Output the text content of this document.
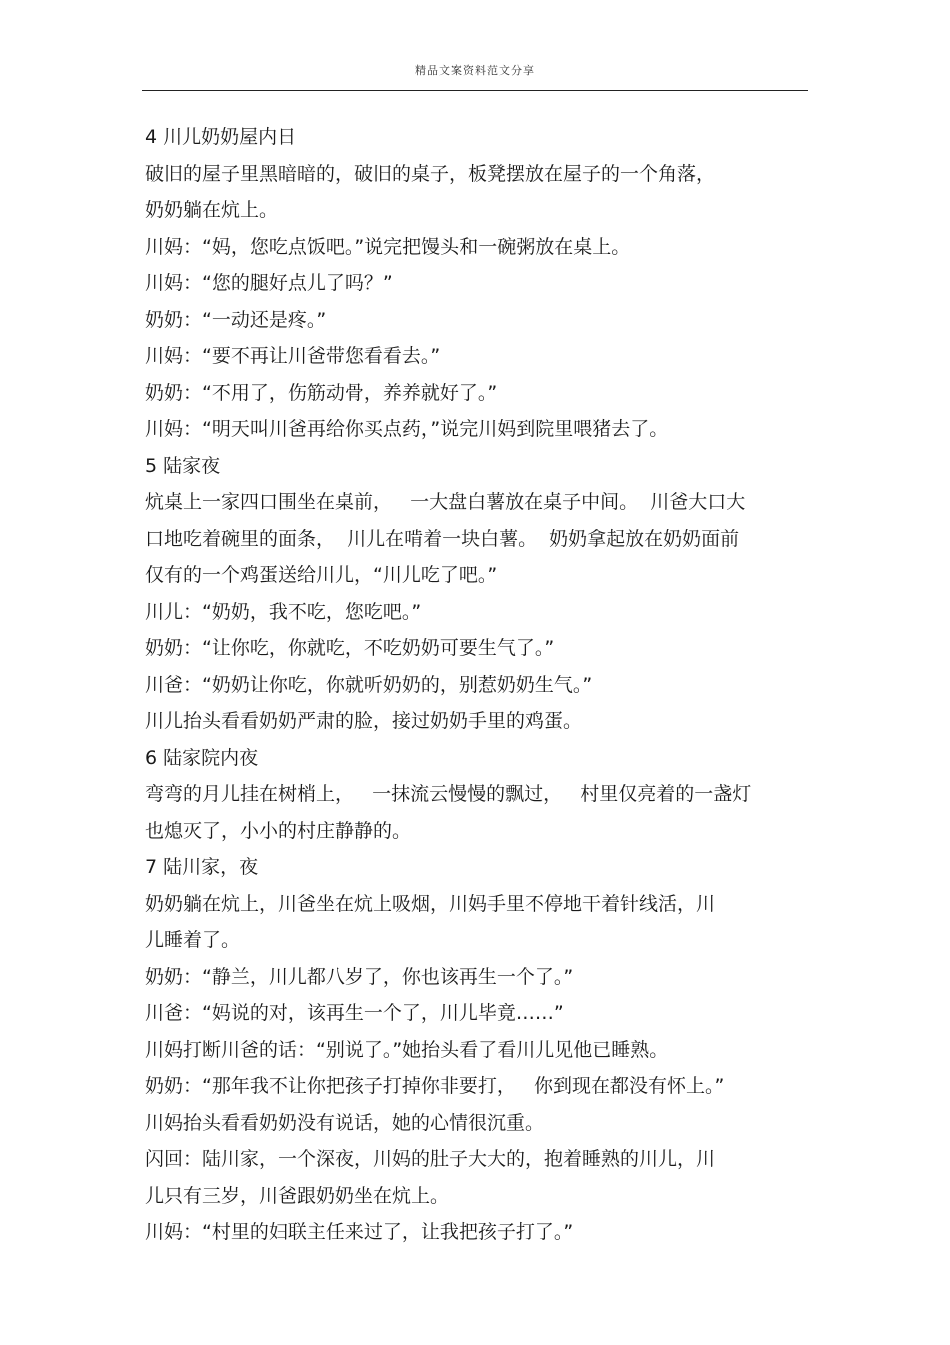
精品文案资料范文分享
4 川儿奶奶屋内日
破旧的屋子里黑暗暗的，破旧的桌子，板凳摆放在屋子的一个角落，
奶奶躺在炕上。
川妈：“妈，您吃点饭吧。”说完把馒头和一碗粥放在桌上。
川妈：“您的腿好点儿了吗？”
奶奶：“一动还是疼。”
川妈：“要不再让川爸带您看看去。”
奶奶：“不用了，伤筋动骨，养养就好了。”
川妈：“明天叫川爸再给你买点药，”说完川妈到院里喂猪去了。
5 陆家夜
炕桌上一家四口围坐在桌前，   一大盘白薯放在桌子中间。  川爸大口大
口地吃着碗里的面条，  川儿在啃着一块白薯。  奶奶拿起放在奶奶面前
仅有的一个鸡蛋送给川儿，“川儿吃了吧。”
川儿：“奶奶，我不吃，您吃吧。”
奶奶：“让你吃，你就吃，不吃奶奶可要生气了。”
川爸：“奶奶让你吃，你就听奶奶的，别惹奶奶生气。”
川儿抬头看看奶奶严肃的脸，接过奶奶手里的鸡蛋。
6 陆家院内夜
弯弯的月儿挂在树梢上，   一抹流云慢慢的飘过，   村里仅亮着的一盏灯
也熄灭了，小小的村庄静静的。
7 陆川家，夜
奶奶躺在炕上，川爸坐在炕上吸烟，川妈手里不停地干着针线活，川
儿睡着了。
奶奶：“静兰，川儿都八岁了，你也该再生一个了。”
川爸：“妈说的对，该再生一个了，川儿毕竟……”
川妈打断川爸的话：“别说了。”她抬头看了看川儿见他已睡熟。
奶奶：“那年我不让你把孩子打掉你非要打，   你到现在都没有怀上。”
川妈抬头看看奶奶没有说话，她的心情很沉重。
闪回：陆川家，一个深夜，川妈的肚子大大的，抱着睡熟的川儿，川
儿只有三岁，川爸跟奶奶坐在炕上。
川妈：“村里的妇联主任来过了，让我把孩子打了。”
